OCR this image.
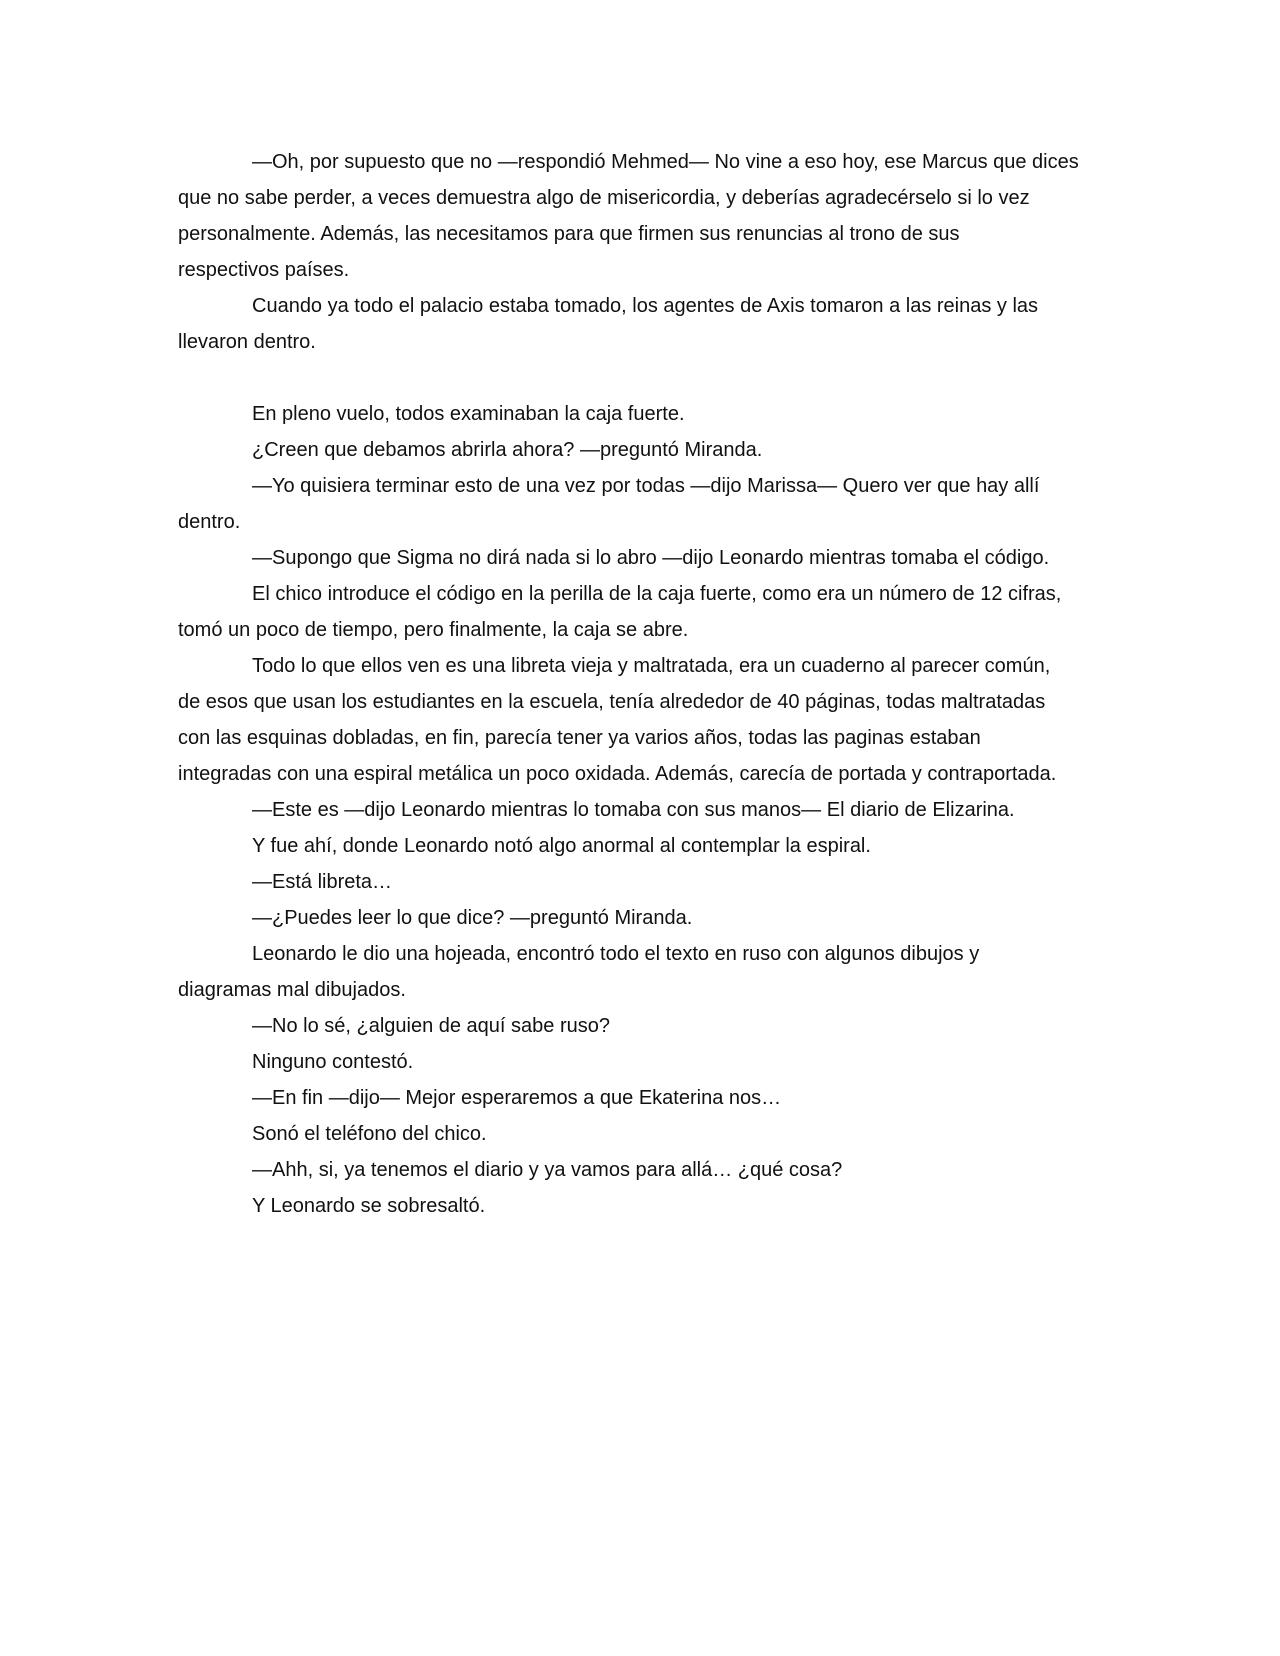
—Oh, por supuesto que no —respondió Mehmed— No vine a eso hoy, ese Marcus que dices
que no sabe perder, a veces demuestra algo de misericordia, y deberías agradecérselo si lo vez
personalmente. Además, las necesitamos para que firmen sus renuncias al trono de sus
respectivos países.

Cuando ya todo el palacio estaba tomado, los agentes de Axis tomaron a las reinas y las
llevaron dentro.

En pleno vuelo, todos examinaban la caja fuerte.

¿Creen que debamos abrirla ahora? —preguntó Miranda.

—Yo quisiera terminar esto de una vez por todas —dijo Marissa— Quero ver que hay allí
dentro.

—Supongo que Sigma no dirá nada si lo abro —dijo Leonardo mientras tomaba el código.

El chico introduce el código en la perilla de la caja fuerte, como era un número de 12 cifras,
tomó un poco de tiempo, pero finalmente, la caja se abre.

Todo lo que ellos ven es una libreta vieja y maltratada, era un cuaderno al parecer común,
de esos que usan los estudiantes en la escuela, tenía alrededor de 40 páginas, todas maltratadas
con las esquinas dobladas, en fin, parecía tener ya varios años, todas las paginas estaban
integradas con una espiral metálica un poco oxidada. Además, carecía de portada y contraportada.

—Este es —dijo Leonardo mientras lo tomaba con sus manos— El diario de Elizarina.

Y fue ahí, donde Leonardo notó algo anormal al contemplar la espiral.

—Está libreta…

—¿Puedes leer lo que dice? —preguntó Miranda.

Leonardo le dio una hojeada, encontró todo el texto en ruso con algunos dibujos y
diagramas mal dibujados.

—No lo sé, ¿alguien de aquí sabe ruso?

Ninguno contestó.

—En fin —dijo— Mejor esperaremos a que Ekaterina nos…

Sonó el teléfono del chico.

—Ahh, si, ya tenemos el diario y ya vamos para allá… ¿qué cosa?

Y Leonardo se sobresaltó.
